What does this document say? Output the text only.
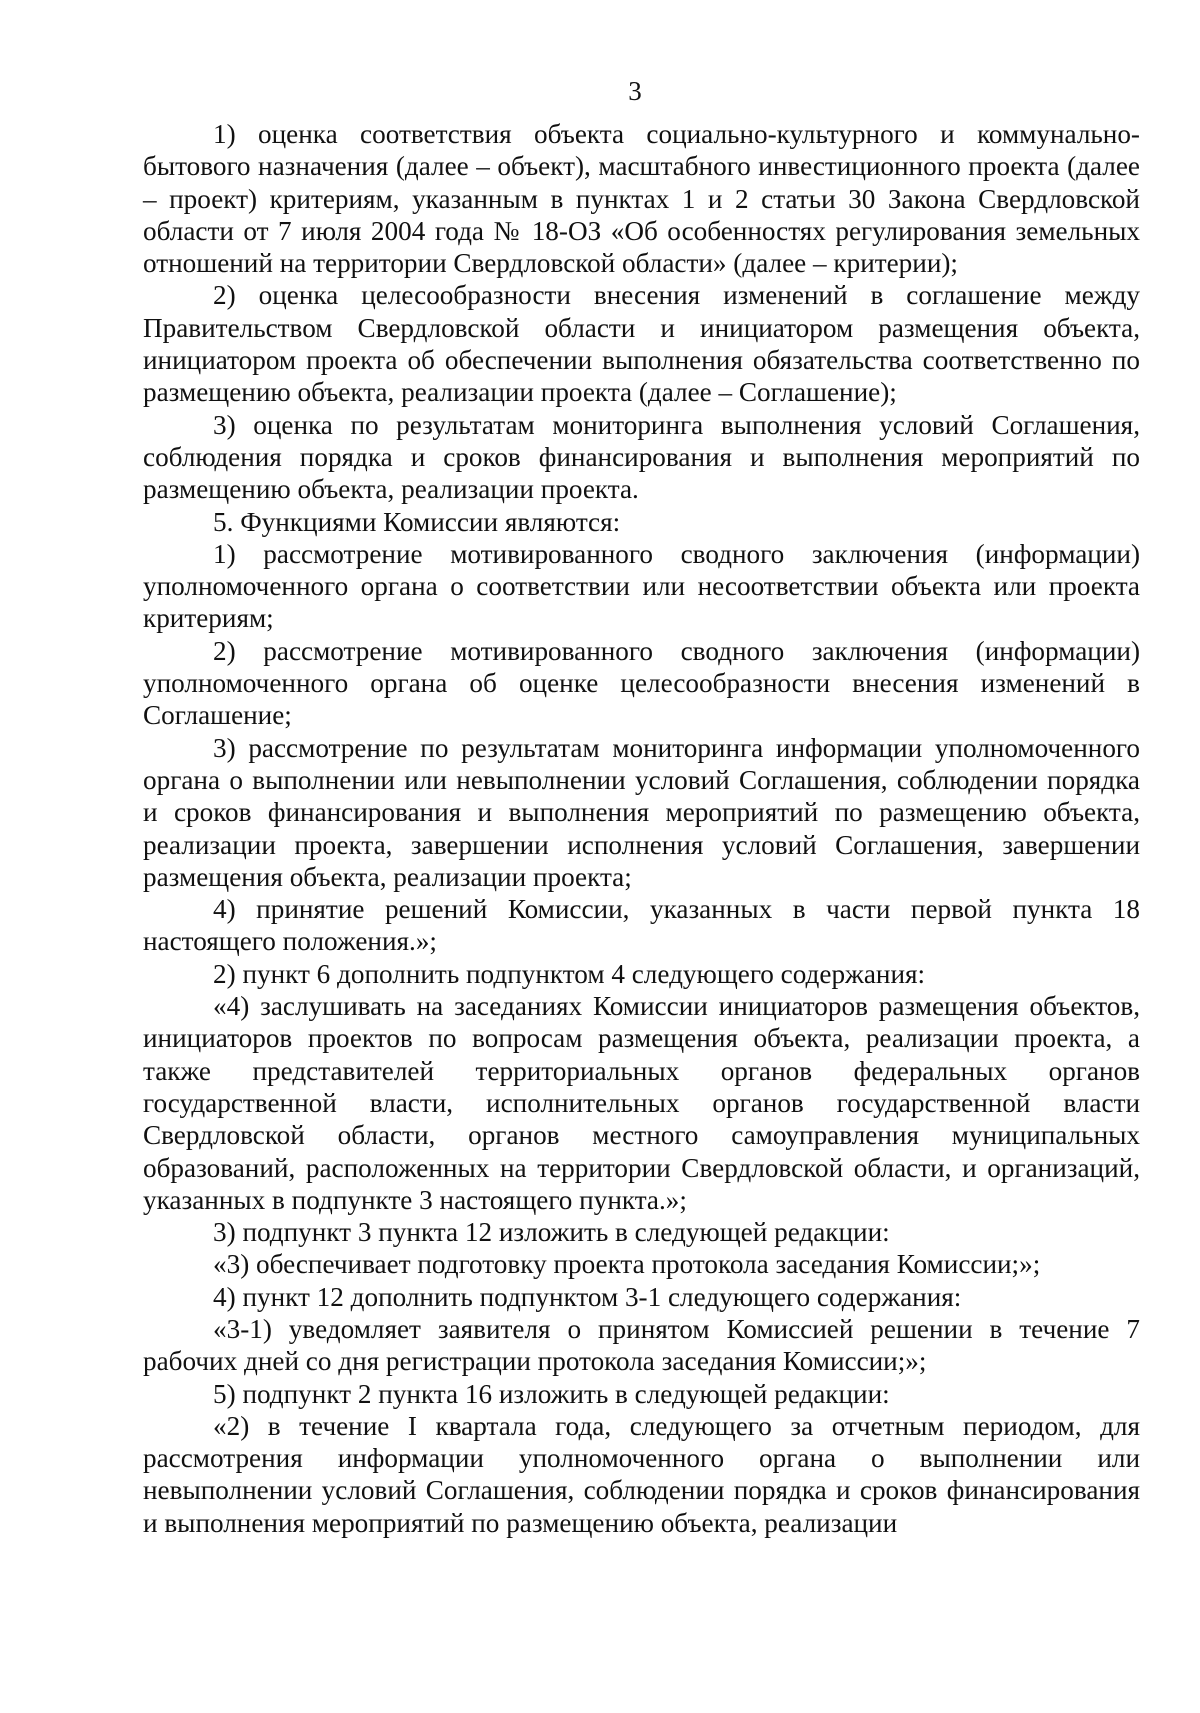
3

1) оценка соответствия объекта социально-культурного и коммунально-бытового назначения (далее – объект), масштабного инвестиционного проекта (далее – проект) критериям, указанным в пунктах 1 и 2 статьи 30 Закона Свердловской области от 7 июля 2004 года № 18-ОЗ «Об особенностях регулирования земельных отношений на территории Свердловской области» (далее – критерии);

2) оценка целесообразности внесения изменений в соглашение между Правительством Свердловской области и инициатором размещения объекта, инициатором проекта об обеспечении выполнения обязательства соответственно по размещению объекта, реализации проекта (далее – Соглашение);

3) оценка по результатам мониторинга выполнения условий Соглашения, соблюдения порядка и сроков финансирования и выполнения мероприятий по размещению объекта, реализации проекта.

5. Функциями Комиссии являются:

1) рассмотрение мотивированного сводного заключения (информации) уполномоченного органа о соответствии или несоответствии объекта или проекта критериям;

2) рассмотрение мотивированного сводного заключения (информации) уполномоченного органа об оценке целесообразности внесения изменений в Соглашение;

3) рассмотрение по результатам мониторинга информации уполномоченного органа о выполнении или невыполнении условий Соглашения, соблюдении порядка и сроков финансирования и выполнения мероприятий по размещению объекта, реализации проекта, завершении исполнения условий Соглашения, завершении размещения объекта, реализации проекта;

4) принятие решений Комиссии, указанных в части первой пункта 18 настоящего положения.»;

2) пункт 6 дополнить подпунктом 4 следующего содержания:

«4) заслушивать на заседаниях Комиссии инициаторов размещения объектов, инициаторов проектов по вопросам размещения объекта, реализации проекта, а также представителей территориальных органов федеральных органов государственной власти, исполнительных органов государственной власти Свердловской области, органов местного самоуправления муниципальных образований, расположенных на территории Свердловской области, и организаций, указанных в подпункте 3 настоящего пункта.»;

3) подпункт 3 пункта 12 изложить в следующей редакции:

«3) обеспечивает подготовку проекта протокола заседания Комиссии;»;

4) пункт 12 дополнить подпунктом 3-1 следующего содержания:

«3-1) уведомляет заявителя о принятом Комиссией решении в течение 7 рабочих дней со дня регистрации протокола заседания Комиссии;»;

5) подпункт 2 пункта 16 изложить в следующей редакции:

«2) в течение I квартала года, следующего за отчетным периодом, для рассмотрения информации уполномоченного органа о выполнении или невыполнении условий Соглашения, соблюдении порядка и сроков финансирования и выполнения мероприятий по размещению объекта, реализации
